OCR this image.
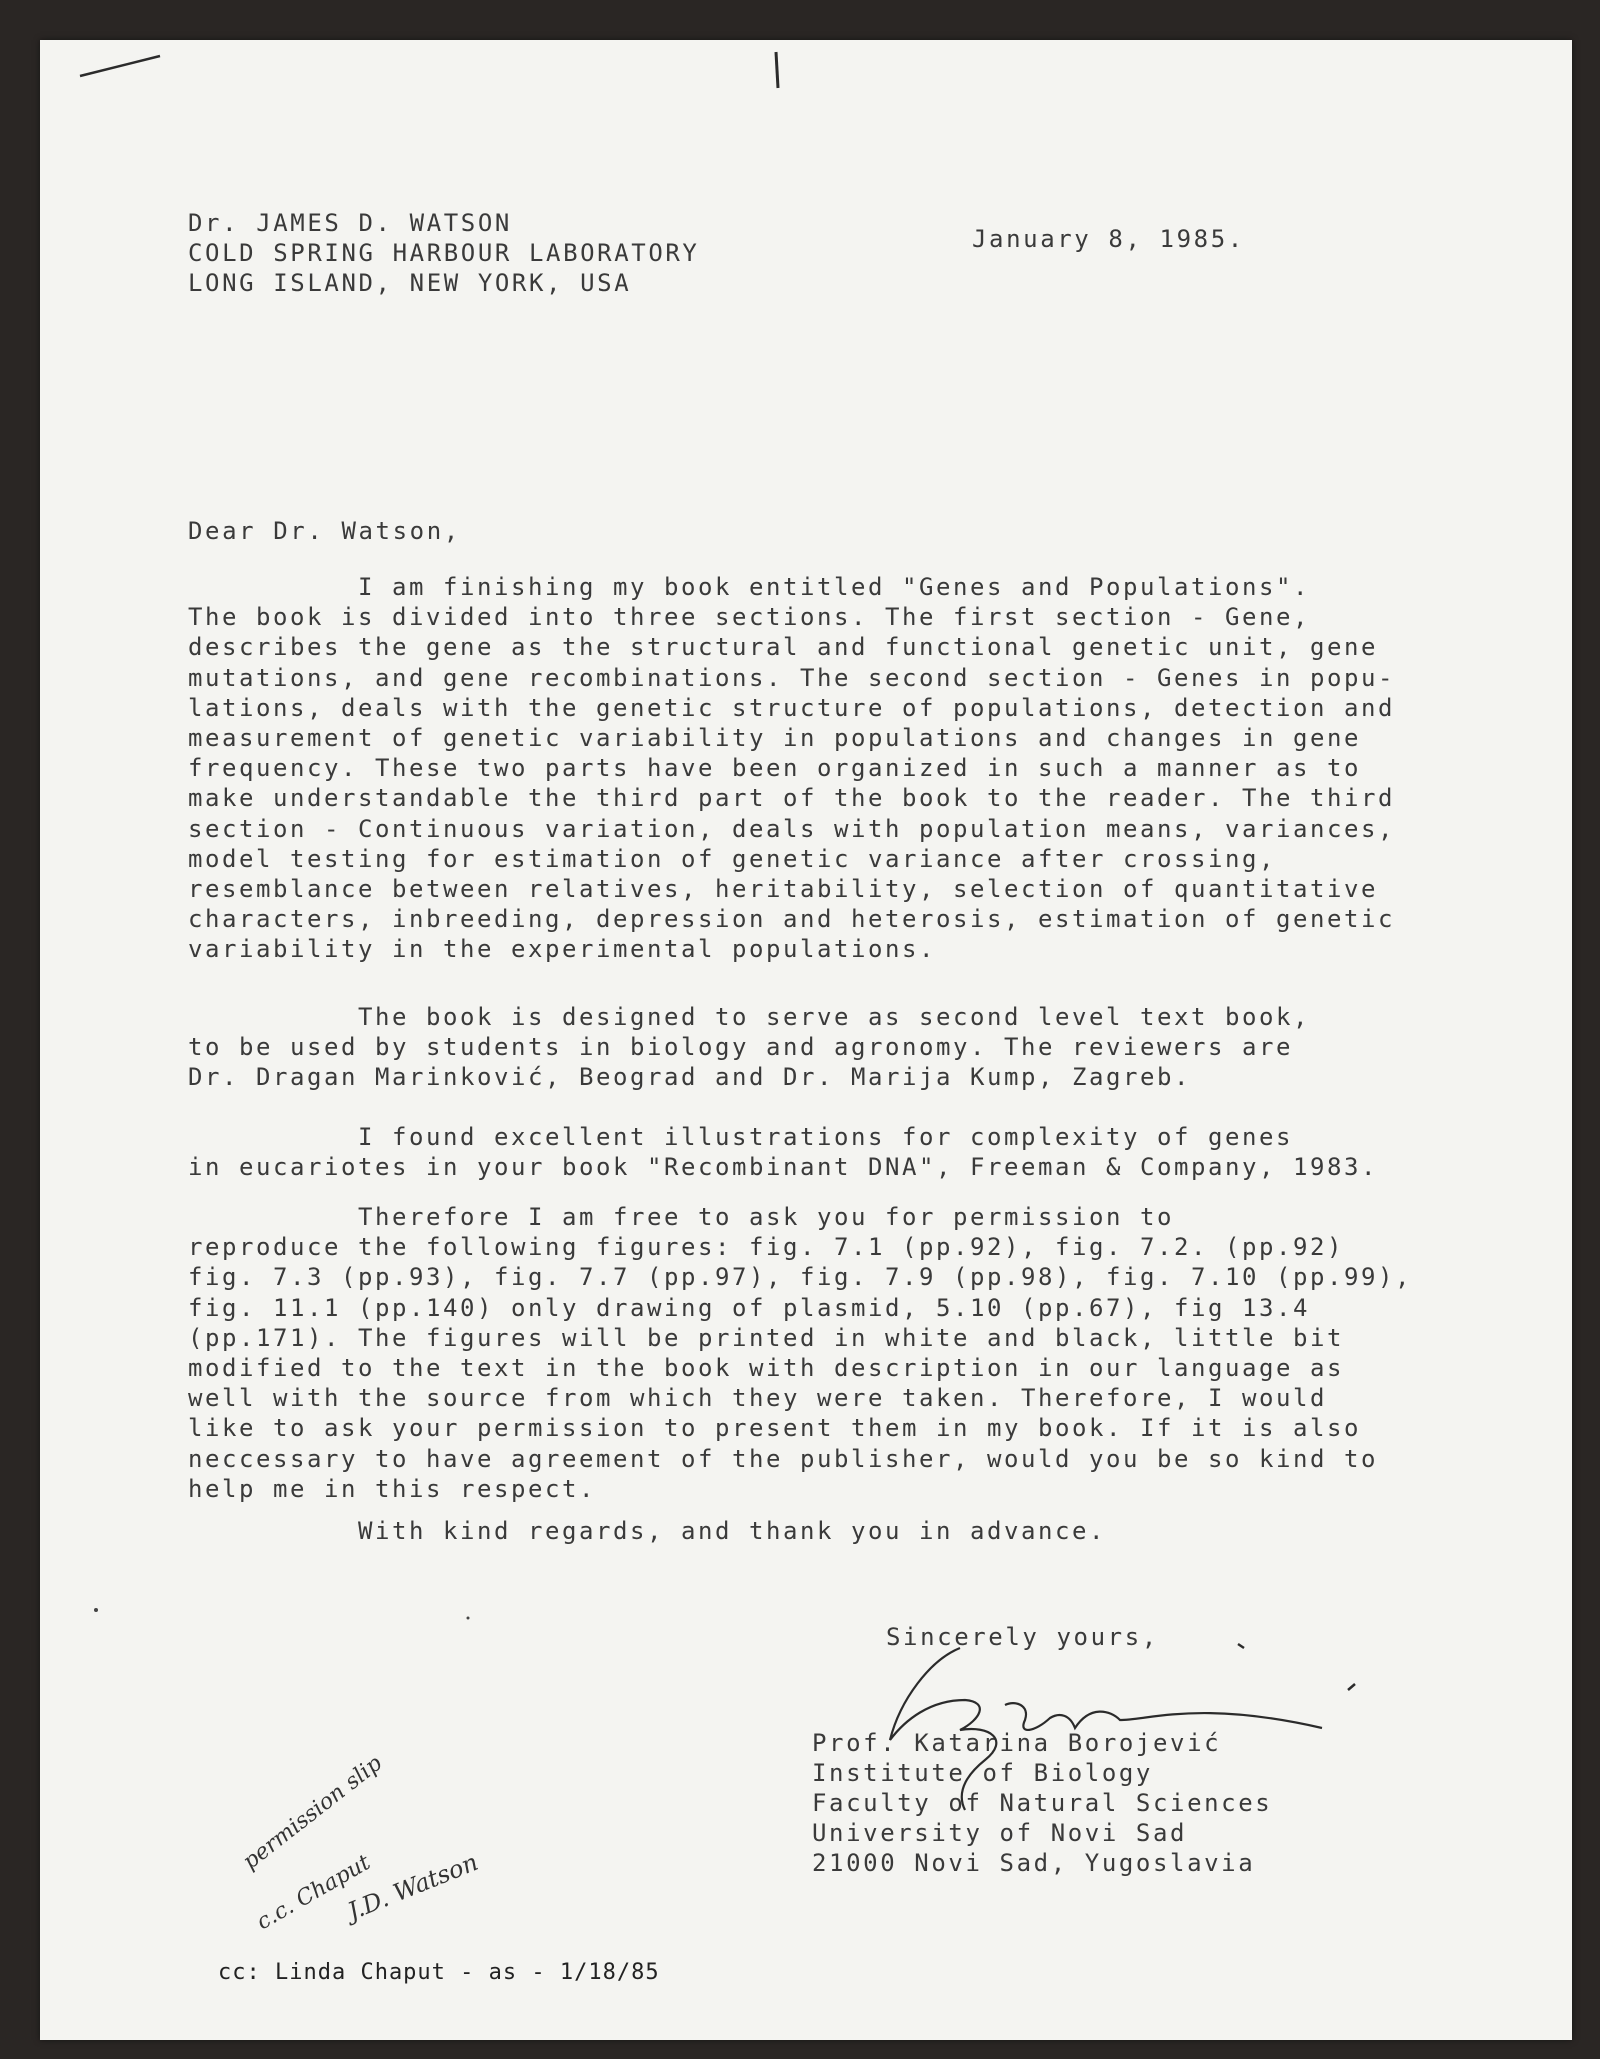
Dr. JAMES D. WATSON
COLD SPRING HARBOUR LABORATORY
LONG ISLAND, NEW YORK, USA
January 8, 1985.
Dear Dr. Watson,
I am finishing my book entitled "Genes and Populations".
The book is divided into three sections. The first section - Gene,
describes the gene as the structural and functional genetic unit, gene
mutations, and gene recombinations. The second section - Genes in popu-
lations, deals with the genetic structure of populations, detection and
measurement of genetic variability in populations and changes in gene
frequency. These two parts have been organized in such a manner as to
make understandable the third part of the book to the reader. The third
section - Continuous variation, deals with population means, variances,
model testing for estimation of genetic variance after crossing,
resemblance between relatives, heritability, selection of quantitative
characters, inbreeding, depression and heterosis, estimation of genetic
variability in the experimental populations.
The book is designed to serve as second level text book,
to be used by students in biology and agronomy. The reviewers are
Dr. Dragan Marinković, Beograd and Dr. Marija Kump, Zagreb.
I found excellent illustrations for complexity of genes
in eucariotes in your book "Recombinant DNA", Freeman & Company, 1983.
Therefore I am free to ask you for permission to
reproduce the following figures: fig. 7.1 (pp.92), fig. 7.2. (pp.92)
fig. 7.3 (pp.93), fig. 7.7 (pp.97), fig. 7.9 (pp.98), fig. 7.10 (pp.99),
fig. 11.1 (pp.140) only drawing of plasmid, 5.10 (pp.67), fig 13.4
(pp.171). The figures will be printed in white and black, little bit
modified to the text in the book with description in our language as
well with the source from which they were taken. Therefore, I would
like to ask your permission to present them in my book. If it is also
neccessary to have agreement of the publisher, would you be so kind to
help me in this respect.
With kind regards, and thank you in advance.
Sincerely yours,
Prof. Katarina Borojević
Institute of Biology
Faculty of Natural Sciences
University of Novi Sad
21000 Novi Sad, Yugoslavia
permission slip
c.c. Chaput
J.D. Watson
cc: Linda Chaput - as - 1/18/85
